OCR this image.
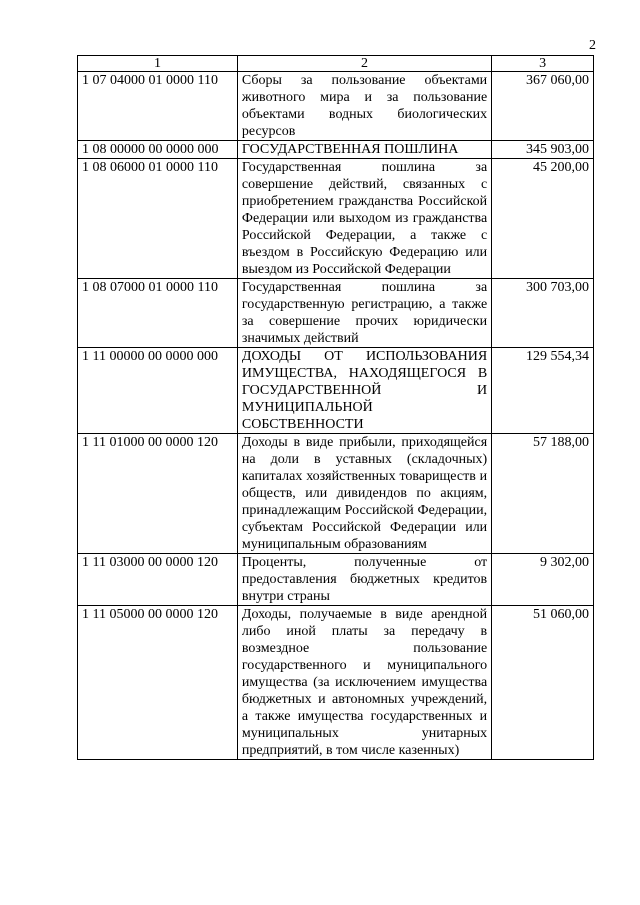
2
1	2	3
1 07 04000 01 0000 110	Сборы за пользование объектами животного мира и за пользование объектами водных биологических ресурсов	367 060,00
1 08 00000 00 0000 000	ГОСУДАРСТВЕННАЯ ПОШЛИНА	345 903,00
1 08 06000 01 0000 110	Государственная пошлина за совершение действий, связанных с приобретением гражданства Российской Федерации или выходом из гражданства Российской Федерации, а также с въездом в Российскую Федерацию или выездом из Российской Федерации	45 200,00
1 08 07000 01 0000 110	Государственная пошлина за государственную регистрацию, а также за совершение прочих юридически значимых действий	300 703,00
1 11 00000 00 0000 000	ДОХОДЫ ОТ ИСПОЛЬЗОВАНИЯ ИМУЩЕСТВА, НАХОДЯЩЕГОСЯ В ГОСУДАРСТВЕННОЙ И МУНИЦИПАЛЬНОЙ СОБСТВЕННОСТИ	129 554,34
1 11 01000 00 0000 120	Доходы в виде прибыли, приходящейся на доли в уставных (складочных) капиталах хозяйственных товариществ и обществ, или дивидендов по акциям, принадлежащим Российской Федерации, субъектам Российской Федерации или муниципальным образованиям	57 188,00
1 11 03000 00 0000 120	Проценты, полученные от предоставления бюджетных кредитов внутри страны	9 302,00
1 11 05000 00 0000 120	Доходы, получаемые в виде арендной либо иной платы за передачу в возмездное пользование государственного и муниципального имущества (за исключением имущества бюджетных и автономных учреждений, а также имущества государственных и муниципальных унитарных предприятий, в том числе казенных)	51 060,00
